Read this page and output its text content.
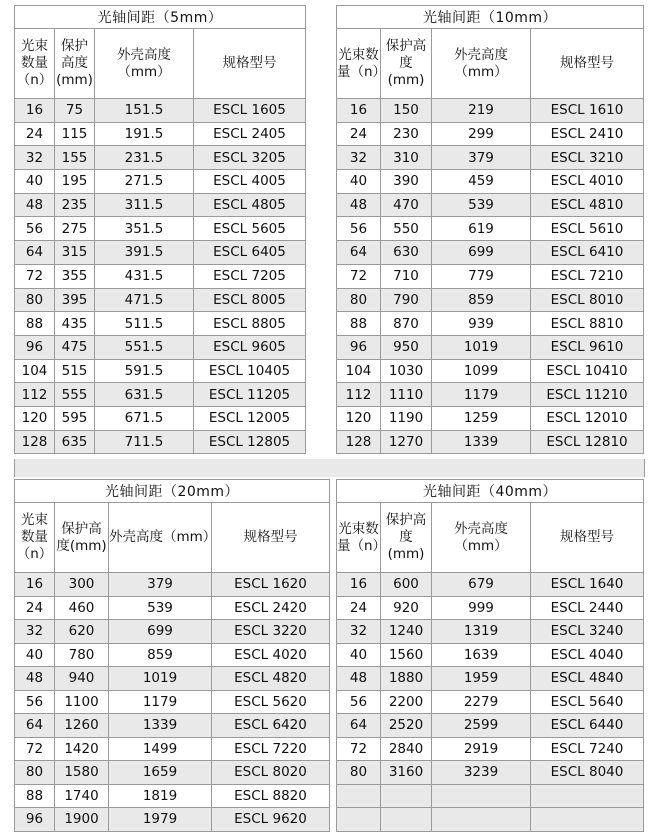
光轴间距（5mm）			
光束数量（n）	保护高度(mm)	外壳高度（mm）	规格型号
16	75	151.5	ESCL 1605
24	115	191.5	ESCL 2405
32	155	231.5	ESCL 3205
40	195	271.5	ESCL 4005
48	235	311.5	ESCL 4805
56	275	351.5	ESCL 5605
64	315	391.5	ESCL 6405
72	355	431.5	ESCL 7205
80	395	471.5	ESCL 8005
88	435	511.5	ESCL 8805
96	475	551.5	ESCL 9605
104	515	591.5	ESCL 10405
112	555	631.5	ESCL 11205
120	595	671.5	ESCL 12005
128	635	711.5	ESCL 12805
光轴间距（10mm）			
光束数量（n）	保护高度(mm)	外壳高度（mm）	规格型号
16	150	219	ESCL 1610
24	230	299	ESCL 2410
32	310	379	ESCL 3210
40	390	459	ESCL 4010
48	470	539	ESCL 4810
56	550	619	ESCL 5610
64	630	699	ESCL 6410
72	710	779	ESCL 7210
80	790	859	ESCL 8010
88	870	939	ESCL 8810
96	950	1019	ESCL 9610
104	1030	1099	ESCL 10410
112	1110	1179	ESCL 11210
120	1190	1259	ESCL 12010
128	1270	1339	ESCL 12810
光轴间距（20mm）			
光束数量（n）	保护高度(mm)	外壳高度（mm）	规格型号
16	300	379	ESCL 1620
24	460	539	ESCL 2420
32	620	699	ESCL 3220
40	780	859	ESCL 4020
48	940	1019	ESCL 4820
56	1100	1179	ESCL 5620
64	1260	1339	ESCL 6420
72	1420	1499	ESCL 7220
80	1580	1659	ESCL 8020
88	1740	1819	ESCL 8820
96	1900	1979	ESCL 9620
光轴间距（40mm）			
光束数量（n）	保护高度(mm)	外壳高度（mm）	规格型号
16	600	679	ESCL 1640
24	920	999	ESCL 2440
32	1240	1319	ESCL 3240
40	1560	1639	ESCL 4040
48	1880	1959	ESCL 4840
56	2200	2279	ESCL 5640
64	2520	2599	ESCL 6440
72	2840	2919	ESCL 7240
80	3160	3239	ESCL 8040
